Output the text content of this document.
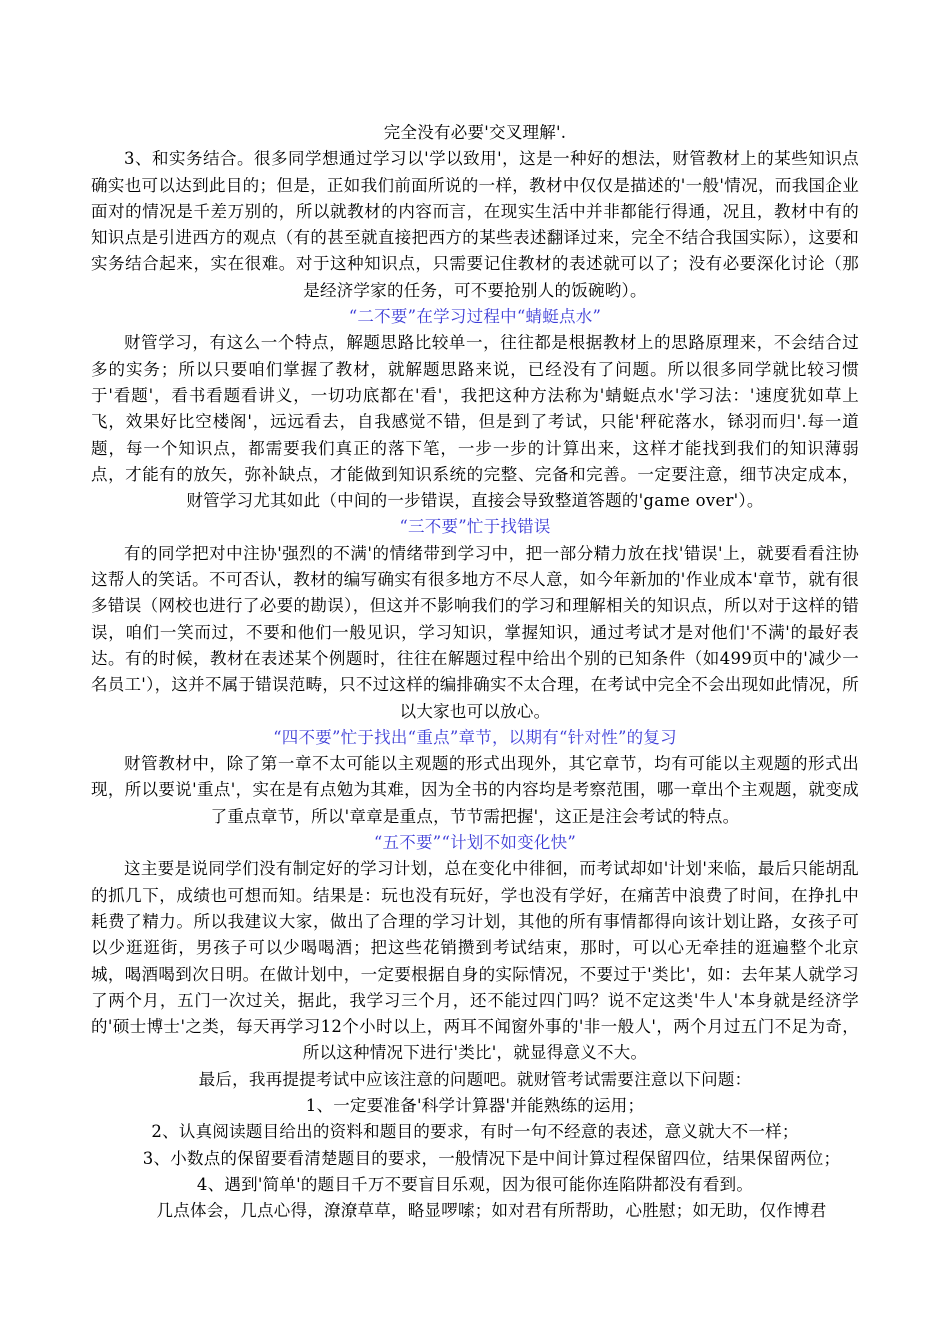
完全没有必要'交叉理解'.

3、和实务结合。很多同学想通过学习以'学以致用'，这是一种好的想法，财管教材上的某些知识点确实也可以达到此目的；但是，正如我们前面所说的一样，教材中仅仅是描述的'一般'情况，而我国企业面对的情况是千差万别的，所以就教材的内容而言，在现实生活中并非都能行得通，况且，教材中有的知识点是引进西方的观点（有的甚至就直接把西方的某些表述翻译过来，完全不结合我国实际），这要和实务结合起来，实在很难。对于这种知识点，只需要记住教材的表述就可以了；没有必要深化讨论（那是经济学家的任务，可不要抢别人的饭碗哟）。

“二不要”在学习过程中“蜻蜓点水”

财管学习，有这么一个特点，解题思路比较单一，往往都是根据教材上的思路原理来，不会结合过多的实务；所以只要咱们掌握了教材，就解题思路来说，已经没有了问题。所以很多同学就比较习惯于'看题'，看书看题看讲义，一切功底都在'看'，我把这种方法称为'蜻蜓点水'学习法：'速度犹如草上飞，效果好比空楼阁'，远远看去，自我感觉不错，但是到了考试，只能'秤砣落水，铩羽而归'.每一道题，每一个知识点，都需要我们真正的落下笔，一步一步的计算出来，这样才能找到我们的知识薄弱点，才能有的放矢，弥补缺点，才能做到知识系统的完整、完备和完善。一定要注意，细节决定成本，财管学习尤其如此（中间的一步错误，直接会导致整道答题的'game over'）。

“三不要”忙于找错误

有的同学把对中注协'强烈的不满'的情绪带到学习中，把一部分精力放在找'错误'上，就要看看注协这帮人的笑话。不可否认，教材的编写确实有很多地方不尽人意，如今年新加的'作业成本'章节，就有很多错误（网校也进行了必要的勘误），但这并不影响我们的学习和理解相关的知识点，所以对于这样的错误，咱们一笑而过，不要和他们一般见识，学习知识，掌握知识，通过考试才是对他们'不满'的最好表达。有的时候，教材在表述某个例题时，往往在解题过程中给出个别的已知条件（如499页中的'减少一名员工'），这并不属于错误范畴，只不过这样的编排确实不太合理，在考试中完全不会出现如此情况，所以大家也可以放心。

“四不要”忙于找出“重点”章节，以期有“针对性”的复习

财管教材中，除了第一章不太可能以主观题的形式出现外，其它章节，均有可能以主观题的形式出现，所以要说'重点'，实在是有点勉为其难，因为全书的内容均是考察范围，哪一章出个主观题，就变成了重点章节，所以'章章是重点，节节需把握'，这正是注会考试的特点。

“五不要”“计划不如变化快”

这主要是说同学们没有制定好的学习计划，总在变化中徘徊，而考试却如'计划'来临，最后只能胡乱的抓几下，成绩也可想而知。结果是：玩也没有玩好，学也没有学好，在痛苦中浪费了时间，在挣扎中耗费了精力。所以我建议大家，做出了合理的学习计划，其他的所有事情都得向该计划让路，女孩子可以少逛逛街，男孩子可以少喝喝酒；把这些花销攒到考试结束，那时，可以心无牵挂的逛遍整个北京城，喝酒喝到次日明。在做计划中，一定要根据自身的实际情况，不要过于'类比'，如：去年某人就学习了两个月，五门一次过关，据此，我学习三个月，还不能过四门吗？说不定这类'牛人'本身就是经济学的'硕士博士'之类，每天再学习12个小时以上，两耳不闻窗外事的'非一般人'，两个月过五门不足为奇，所以这种情况下进行'类比'，就显得意义不大。

最后，我再提提考试中应该注意的问题吧。就财管考试需要注意以下问题：

1、一定要准备'科学计算器'并能熟练的运用；

2、认真阅读题目给出的资料和题目的要求，有时一句不经意的表述，意义就大不一样；

3、小数点的保留要看清楚题目的要求，一般情况下是中间计算过程保留四位，结果保留两位；

4、遇到'简单'的题目千万不要盲目乐观，因为很可能你连陷阱都没有看到。

几点体会，几点心得，潦潦草草，略显啰嗦；如对君有所帮助，心胜慰；如无助，仅作博君
